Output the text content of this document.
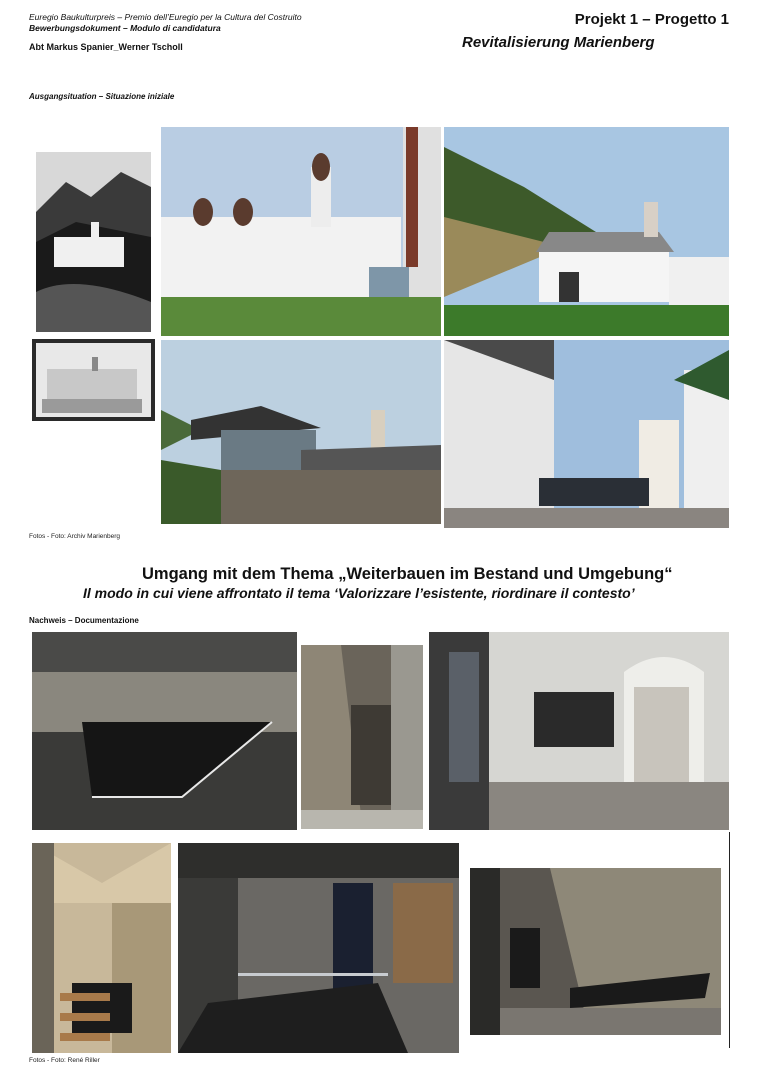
Euregio Baukulturpreis – Premio dell’Euregio per la Cultura del Costruito
Bewerbungsdokument – Modulo di candidatura
Abt Markus Spanier_Werner Tscholl
Projekt 1 – Progetto 1
Revitalisierung Marienberg
Ausgangsituation – Situazione iniziale
Fotos - Foto: Archiv Marienberg
Umgang mit dem Thema „Weiterbauen im Bestand und Umgebung“
Il modo in cui viene affrontato il tema ‘Valorizzare l’esistente, riordinare il contesto’
Nachweis – Documentazione
Fotos - Foto: René Riller
